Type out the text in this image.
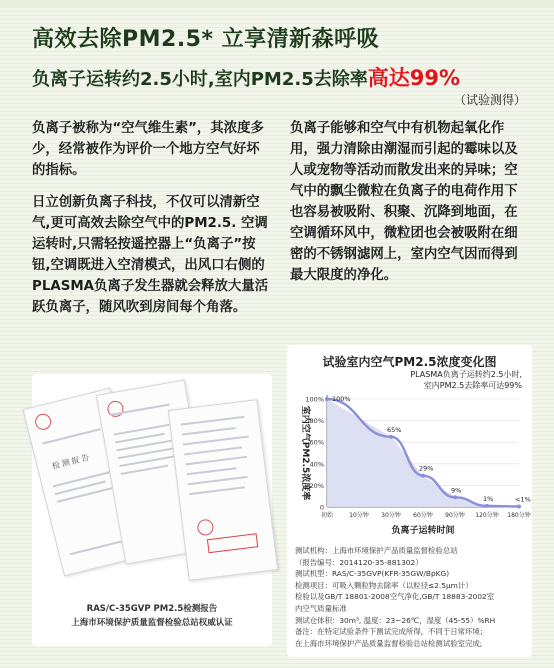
高效去除PM2.5* 立享清新森呼吸
负离子运转约2.5小时,室内PM2.5去除率高达99%
（试验测得）
负离子被称为“空气维生素”，其浓度多少，经常被作为评价一个地方空气好坏的指标。
日立创新负离子科技，不仅可以清新空气,更可高效去除空气中的PM2.5. 空调运转时,只需轻按遥控器上“负离子”按钮,空调既进入空清模式，出风口右侧的PLASMA负离子发生器就会释放大量活跃负离子，随风吹到房间每个角落。
负离子能够和空气中有机物起氧化作用，强力清除由潮湿而引起的霉味以及人或宠物等活动而散发出来的异味；空气中的飘尘微粒在负离子的电荷作用下也容易被吸附、积聚、沉降到地面，在空调循环风中，微粒团也会被吸附在细密的不锈钢滤网上，室内空气因而得到最大限度的净化。
检测报告
RAS/C-35GVP PM2.5检测报告
上海市环境保护质量监督检验总站权威认证
试验室内空气PM2.5浓度变化图
PLASMA负离子运转约2.5小时,
室内PM2.5去除率可达99%
100%
80%
60%
40%
20%
0
初始	10分钟 30分钟 60分钟 90分钟 120分钟 180分钟
100%
65%
29%
9%
1%	<1%
负离子运转时间
室内空气PM2.5浓度率
测试机构：上海市环境保护产品质量监督检验总站
（报告编号：2014120-35-881302）
测试机型：RAS/C-35GVP(KFR-35GW/BpKG)
检测项目：可吸入颗粒物去除率（以粒径≤2.5μm计）
检验以及GB/T 18801-2008空气净化,GB/T 18883-2002室
内空气质量标准
测试仓体积：30m³, 温度：23~26℃，湿度（45-55）%RH
备注：在特定试验条件下测试完成所得，不同于日常环境；
在上海市环境保护产品质量监督检验总站检测试验室完成;
